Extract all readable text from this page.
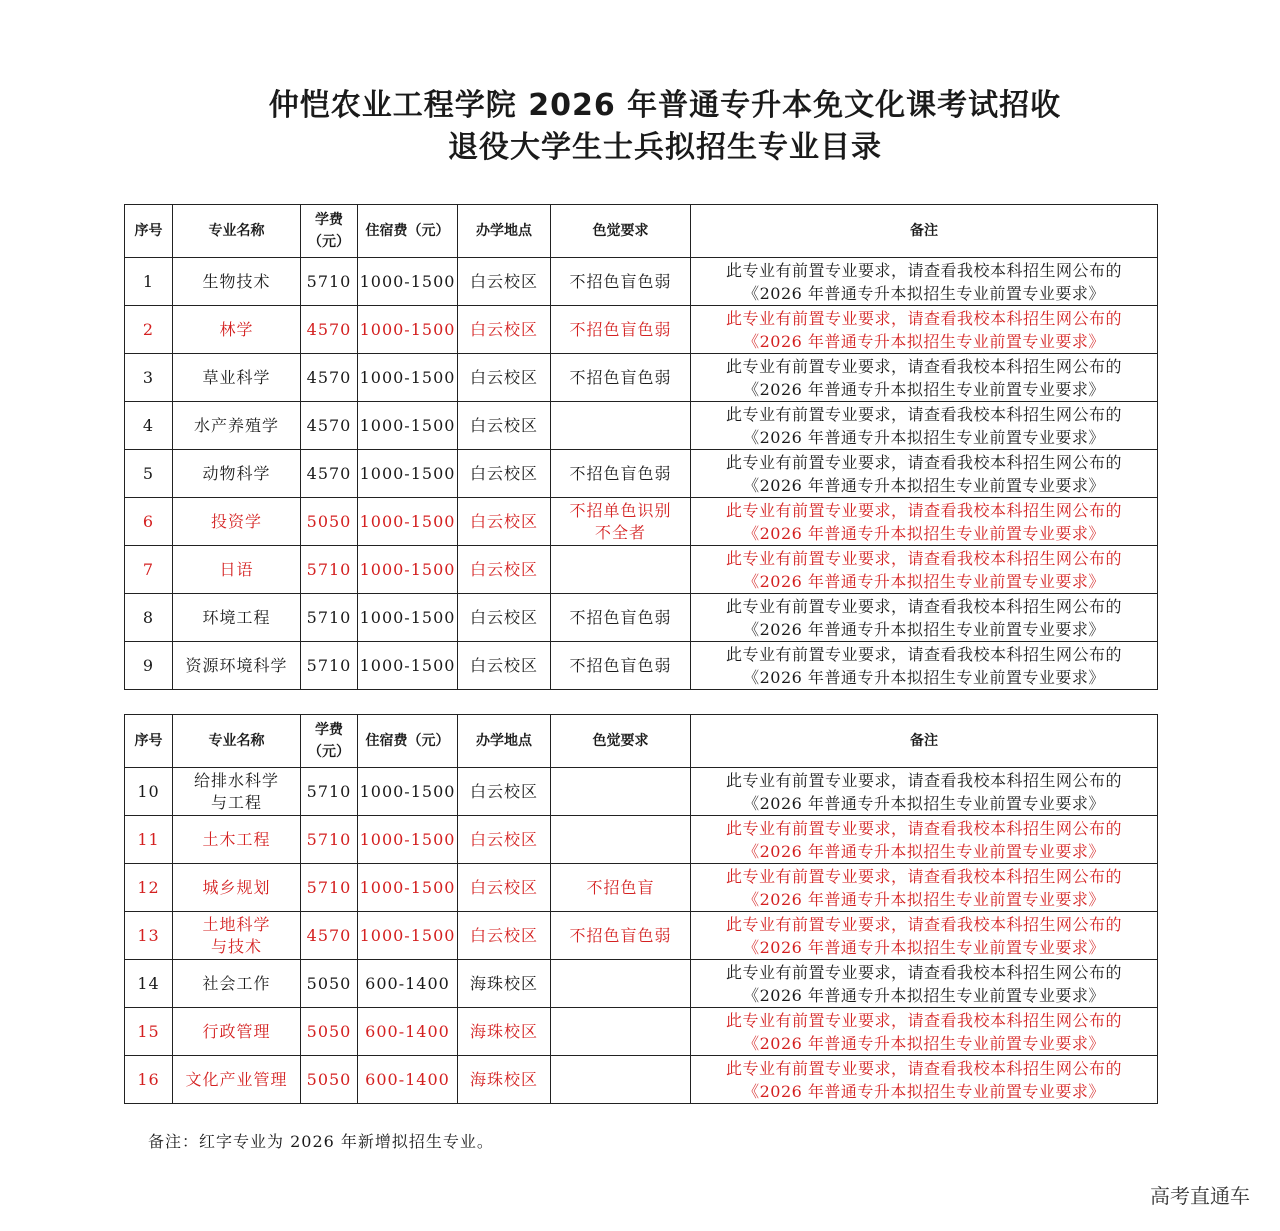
仲恺农业工程学院 2026 年普通专升本免文化课考试招收
退役大学生士兵拟招生专业目录
序号	专业名称	学费
（元）	住宿费（元）	办学地点	色觉要求	备注
1	生物技术	5710	1000-1500	白云校区	不招色盲色弱	此专业有前置专业要求，请查看我校本科招生网公布的
《2026 年普通专升本拟招生专业前置专业要求》
2	林学	4570	1000-1500	白云校区	不招色盲色弱	此专业有前置专业要求，请查看我校本科招生网公布的
《2026 年普通专升本拟招生专业前置专业要求》
3	草业科学	4570	1000-1500	白云校区	不招色盲色弱	此专业有前置专业要求，请查看我校本科招生网公布的
《2026 年普通专升本拟招生专业前置专业要求》
4	水产养殖学	4570	1000-1500	白云校区		此专业有前置专业要求，请查看我校本科招生网公布的
《2026 年普通专升本拟招生专业前置专业要求》
5	动物科学	4570	1000-1500	白云校区	不招色盲色弱	此专业有前置专业要求，请查看我校本科招生网公布的
《2026 年普通专升本拟招生专业前置专业要求》
6	投资学	5050	1000-1500	白云校区	不招单色识别
不全者	此专业有前置专业要求，请查看我校本科招生网公布的
《2026 年普通专升本拟招生专业前置专业要求》
7	日语	5710	1000-1500	白云校区		此专业有前置专业要求，请查看我校本科招生网公布的
《2026 年普通专升本拟招生专业前置专业要求》
8	环境工程	5710	1000-1500	白云校区	不招色盲色弱	此专业有前置专业要求，请查看我校本科招生网公布的
《2026 年普通专升本拟招生专业前置专业要求》
9	资源环境科学	5710	1000-1500	白云校区	不招色盲色弱	此专业有前置专业要求，请查看我校本科招生网公布的
《2026 年普通专升本拟招生专业前置专业要求》
序号	专业名称	学费
（元）	住宿费（元）	办学地点	色觉要求	备注
10	给排水科学
与工程	5710	1000-1500	白云校区		此专业有前置专业要求，请查看我校本科招生网公布的
《2026 年普通专升本拟招生专业前置专业要求》
11	土木工程	5710	1000-1500	白云校区		此专业有前置专业要求，请查看我校本科招生网公布的
《2026 年普通专升本拟招生专业前置专业要求》
12	城乡规划	5710	1000-1500	白云校区	不招色盲	此专业有前置专业要求，请查看我校本科招生网公布的
《2026 年普通专升本拟招生专业前置专业要求》
13	土地科学
与技术	4570	1000-1500	白云校区	不招色盲色弱	此专业有前置专业要求，请查看我校本科招生网公布的
《2026 年普通专升本拟招生专业前置专业要求》
14	社会工作	5050	600-1400	海珠校区		此专业有前置专业要求，请查看我校本科招生网公布的
《2026 年普通专升本拟招生专业前置专业要求》
15	行政管理	5050	600-1400	海珠校区		此专业有前置专业要求，请查看我校本科招生网公布的
《2026 年普通专升本拟招生专业前置专业要求》
16	文化产业管理	5050	600-1400	海珠校区		此专业有前置专业要求，请查看我校本科招生网公布的
《2026 年普通专升本拟招生专业前置专业要求》
备注：红字专业为 2026 年新增拟招生专业。
高考直通车
